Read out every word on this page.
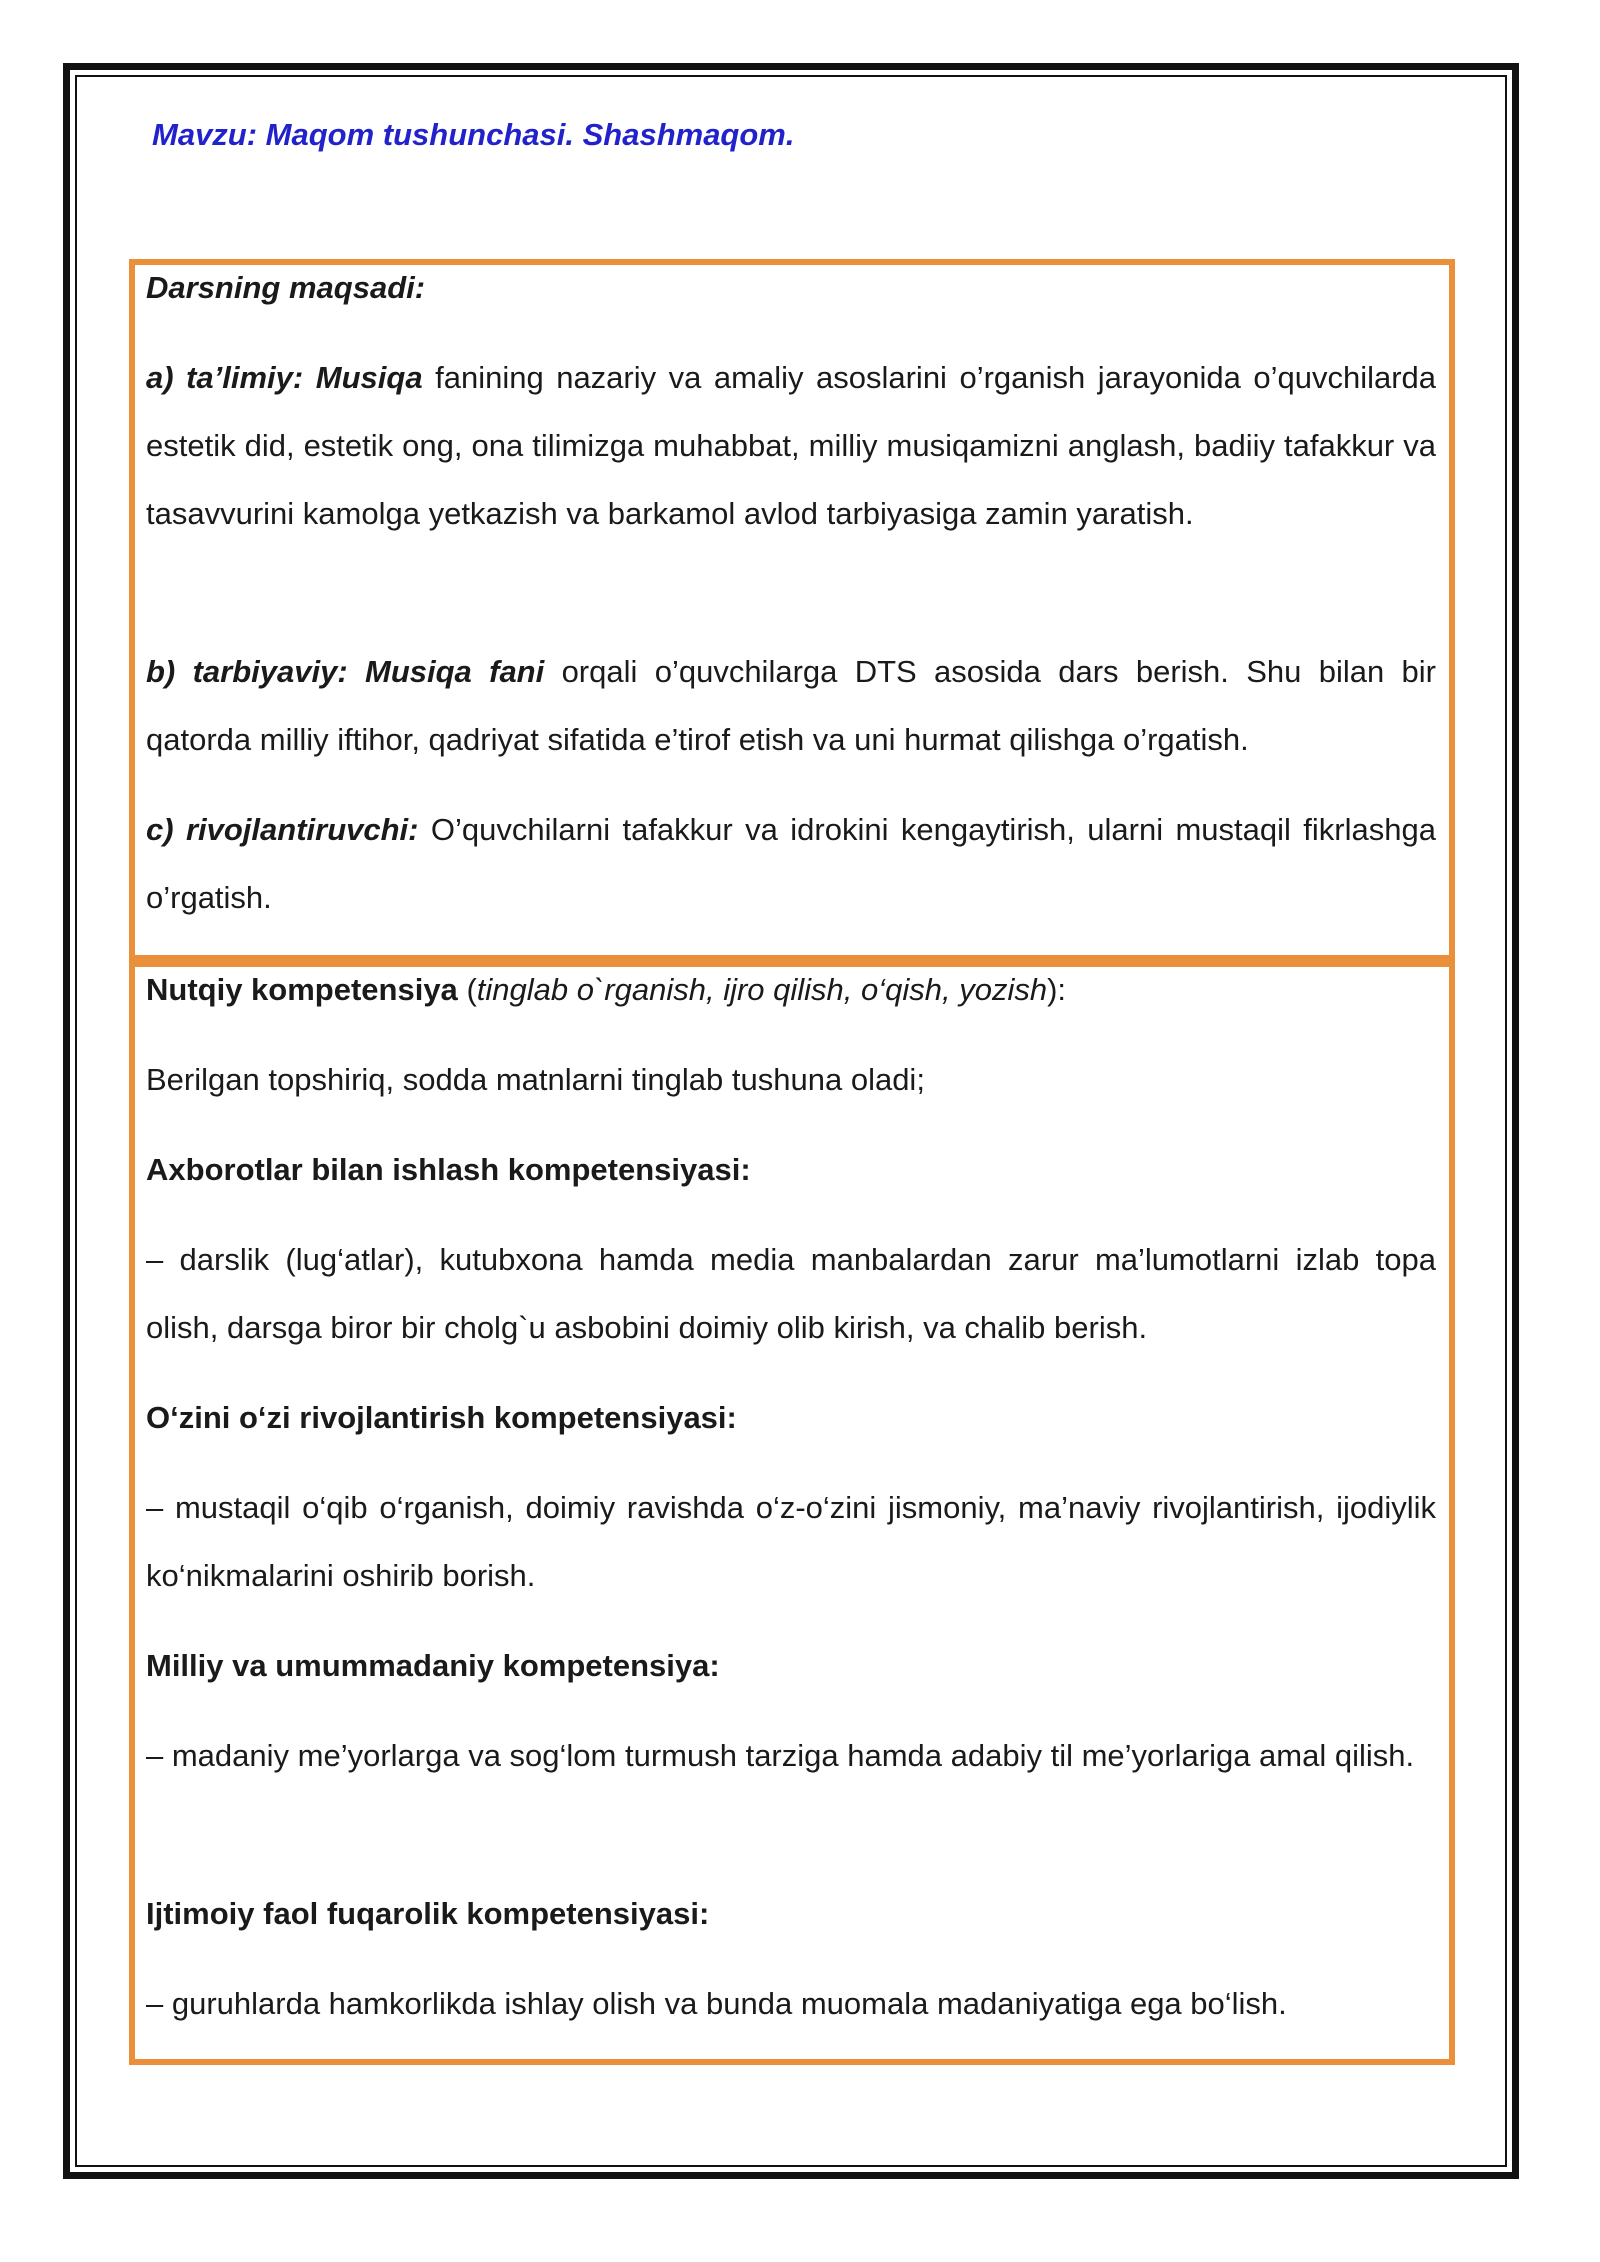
Mavzu: Maqom tushunchasi. Shashmaqom.
Darsning maqsadi:
a) ta’limiy: Musiqa fanining nazariy va amaliy asoslarini o’rganish jarayonida o’quvchilarda estetik did, estetik ong, ona tilimizga muhabbat, milliy musiqamizni anglash, badiiy tafakkur va tasavvurini kamolga yetkazish va barkamol avlod tarbiyasiga zamin yaratish.
b) tarbiyaviy: Musiqa fani orqali o’quvchilarga DTS asosida dars berish. Shu bilan bir qatorda milliy iftihor, qadriyat sifatida e’tirof etish va uni hurmat qilishga o’rgatish.
c) rivojlantiruvchi: O’quvchilarni tafakkur va idrokini kengaytirish, ularni mustaqil fikrlashga o’rgatish.
Nutqiy kompetensiya (tinglab o`rganish, ijro qilish, o‘qish, yozish):
Berilgan topshiriq, sodda matnlarni tinglab tushuna oladi;
Axborotlar bilan ishlash kompetensiyasi:
– darslik (lug‘atlar), kutubxona hamda media manbalardan zarur ma’lumotlarni izlab topa olish, darsga biror bir cholg`u asbobini doimiy olib kirish, va chalib berish.
O‘zini o‘zi rivojlantirish kompetensiyasi:
– mustaqil o‘qib o‘rganish, doimiy ravishda o‘z-o‘zini jismoniy, ma’naviy rivojlantirish, ijodiylik ko‘nikmalarini oshirib borish.
Milliy va umummadaniy kompetensiya:
– madaniy me’yorlarga va sog‘lom turmush tarziga hamda adabiy til me’yorlariga amal qilish.
Ijtimoiy faol fuqarolik kompetensiyasi:
– guruhlarda hamkorlikda ishlay olish va bunda muomala madaniyatiga ega bo‘lish.
